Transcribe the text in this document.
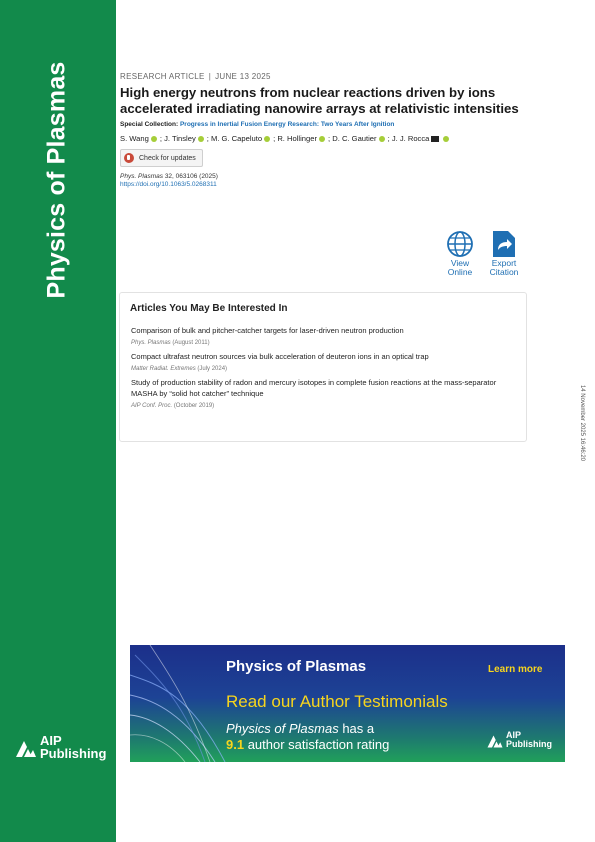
Physics of Plasmas
AIP
Publishing
RESEARCH ARTICLE | JUNE 13 2025
High energy neutrons from nuclear reactions driven by ions accelerated irradiating nanowire arrays at relativistic intensities
Special Collection: Progress in Inertial Fusion Energy Research: Two Years After Ignition
S. Wang ;
J. Tinsley ;
M. G. Capeluto ;
R. Hollinger ;
D. C. Gautier ;
J. J. Rocca
Check for updates
Phys. Plasmas 32, 063106 (2025)
https://doi.org/10.1063/5.0268311
View
Online
Export
Citation
Articles You May Be Interested In
Comparison of bulk and pitcher-catcher targets for laser-driven neutron production
Phys. Plasmas (August 2011)
Compact ultrafast neutron sources via bulk acceleration of deuteron ions in an optical trap
Matter Radiat. Extremes (July 2024)
Study of production stability of radon and mercury isotopes in complete fusion reactions at the mass-separator MASHA by “solid hot catcher” technique
AIP Conf. Proc. (October 2019)	14 November 2025 16:46:20
Physics of Plasmas	Learn more
Read our Author Testimonials
Physics of Plasmas has a
9.1 author satisfaction rating
AIP
Publishing
